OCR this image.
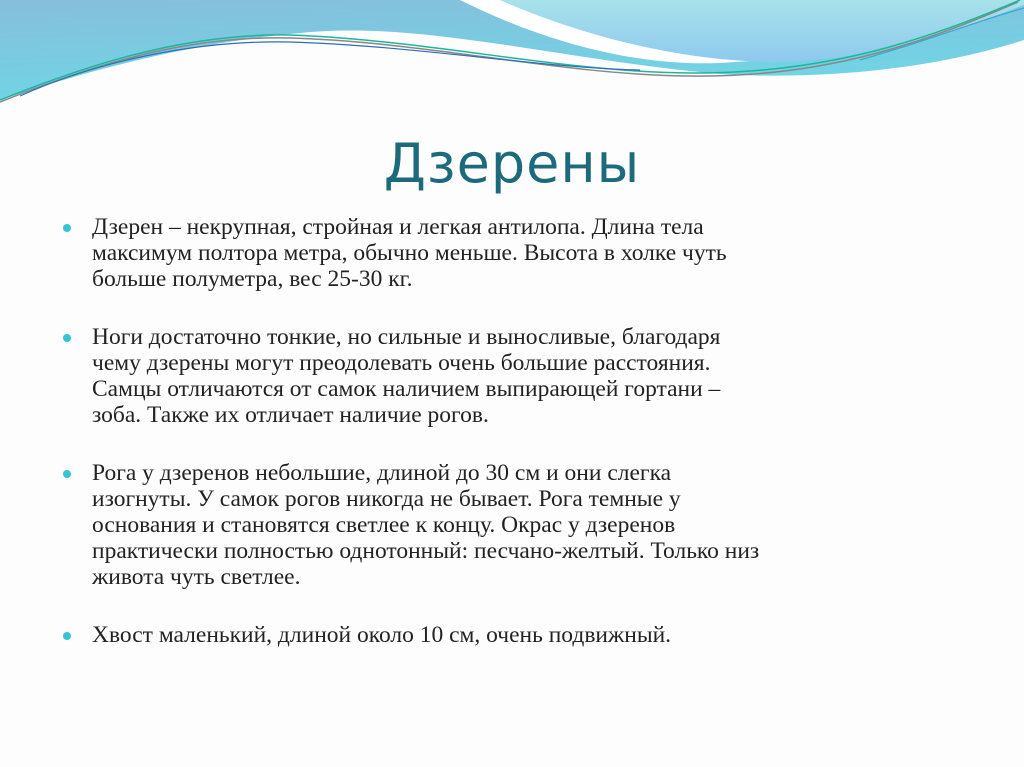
Дзерены
Дзерен – некрупная, стройная и легкая антилопа. Длина тела
максимум полтора метра, обычно меньше. Высота в холке чуть
больше полуметра, вес 25-30 кг.
Ноги достаточно тонкие, но сильные и выносливые, благодаря
чему дзерены могут преодолевать очень большие расстояния.
Самцы отличаются от самок наличием выпирающей гортани –
зоба. Также их отличает наличие рогов.
Рога у дзеренов небольшие, длиной до 30 см и они слегка
изогнуты. У самок рогов никогда не бывает. Рога темные у
основания и становятся светлее к концу. Окрас у дзеренов
практически полностью однотонный: песчано-желтый. Только низ
живота чуть светлее.
Хвост маленький, длиной около 10 см, очень подвижный.
